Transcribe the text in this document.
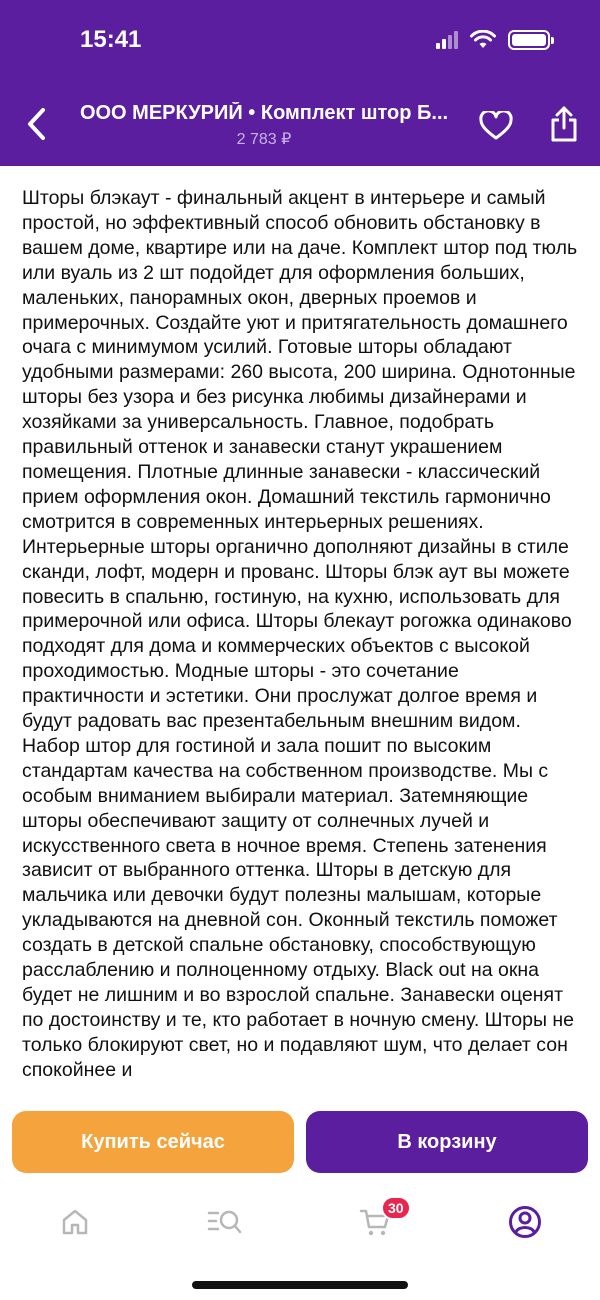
15:41
ООО МЕРКУРИЙ • Комплект штор Б...
2 783 ₽

Шторы блэкаут - финальный акцент в интерьере и самый простой, но эффективный способ обновить обстановку в вашем доме, квартире или на даче. Комплект штор под тюль или вуаль из 2 шт подойдет для оформления больших, маленьких, панорамных окон, дверных проемов и примерочных. Создайте уют и притягательность домашнего очага с минимумом усилий. Готовые шторы обладают удобными размерами: 260 высота, 200 ширина. Однотонные шторы без узора и без рисунка любимы дизайнерами и хозяйками за универсальность. Главное, подобрать правильный оттенок и занавески станут украшением помещения. Плотные длинные занавески - классический прием оформления окон. Домашний текстиль гармонично смотрится в современных интерьерных решениях. Интерьерные шторы органично дополняют дизайны в стиле сканди, лофт, модерн и прованс. Шторы блэк аут вы можете повесить в спальню, гостиную, на кухню, использовать для примерочной или офиса. Шторы блекаут рогожка одинаково подходят для дома и коммерческих объектов с высокой проходимостью. Модные шторы - это сочетание практичности и эстетики. Они прослужат долгое время и будут радовать вас презентабельным внешним видом. Набор штор для гостиной и зала пошит по высоким стандартам качества на собственном производстве. Мы с особым вниманием выбирали материал. Затемняющие шторы обеспечивают защиту от солнечных лучей и искусственного света в ночное время. Степень затенения зависит от выбранного оттенка. Шторы в детскую для мальчика или девочки будут полезны малышам, которые укладываются на дневной сон. Оконный текстиль поможет создать в детской спальне обстановку, способствующую расслаблению и полноценному отдыху. Black out на окна будет не лишним и во взрослой спальне. Занавески оценят по достоинству и те, кто работает в ночную смену. Шторы не только блокируют свет, но и подавляют шум, что делает сон спокойнее и

Купить сейчас	В корзину
30
